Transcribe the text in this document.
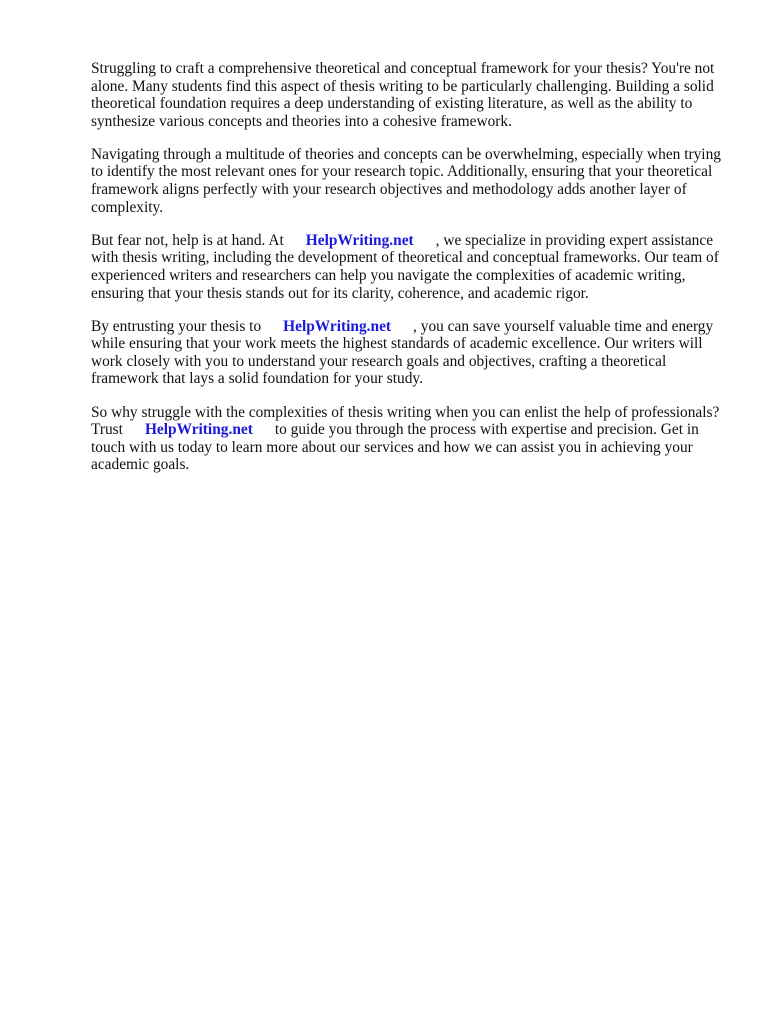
Struggling to craft a comprehensive theoretical and conceptual framework for your thesis? You're not alone. Many students find this aspect of thesis writing to be particularly challenging. Building a solid theoretical foundation requires a deep understanding of existing literature, as well as the ability to synthesize various concepts and theories into a cohesive framework.

Navigating through a multitude of theories and concepts can be overwhelming, especially when trying to identify the most relevant ones for your research topic. Additionally, ensuring that your theoretical framework aligns perfectly with your research objectives and methodology adds another layer of complexity.

But fear not, help is at hand. At HelpWriting.net , we specialize in providing expert assistance with thesis writing, including the development of theoretical and conceptual frameworks. Our team of experienced writers and researchers can help you navigate the complexities of academic writing, ensuring that your thesis stands out for its clarity, coherence, and academic rigor.

By entrusting your thesis to HelpWriting.net , you can save yourself valuable time and energy while ensuring that your work meets the highest standards of academic excellence. Our writers will work closely with you to understand your research goals and objectives, crafting a theoretical framework that lays a solid foundation for your study.

So why struggle with the complexities of thesis writing when you can enlist the help of professionals? Trust HelpWriting.net to guide you through the process with expertise and precision. Get in touch with us today to learn more about our services and how we can assist you in achieving your academic goals.
